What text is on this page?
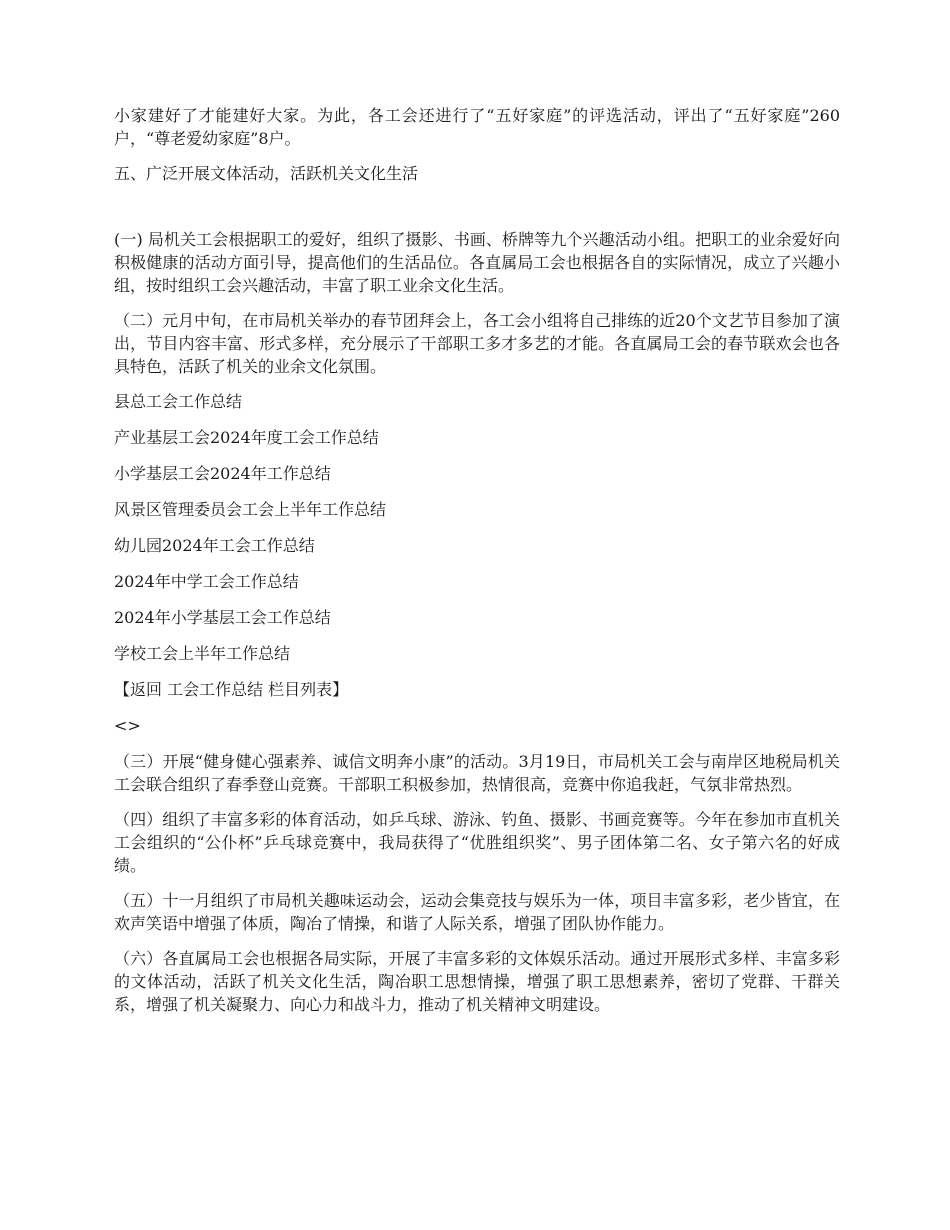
小家建好了才能建好大家。为此，各工会还进行了“五好家庭”的评选活动，评出了“五好家庭”260户，“尊老爱幼家庭”8户。

五、广泛开展文体活动，活跃机关文化生活

(一) 局机关工会根据职工的爱好，组织了摄影、书画、桥牌等九个兴趣活动小组。把职工的业余爱好向积极健康的活动方面引导，提高他们的生活品位。各直属局工会也根据各自的实际情况，成立了兴趣小组，按时组织工会兴趣活动，丰富了职工业余文化生活。

（二）元月中旬，在市局机关举办的春节团拜会上，各工会小组将自己排练的近20个文艺节目参加了演出，节目内容丰富、形式多样，充分展示了干部职工多才多艺的才能。各直属局工会的春节联欢会也各具特色，活跃了机关的业余文化氛围。

县总工会工作总结

产业基层工会2024年度工会工作总结

小学基层工会2024年工作总结

风景区管理委员会工会上半年工作总结

幼儿园2024年工会工作总结

2024年中学工会工作总结

2024年小学基层工会工作总结

学校工会上半年工作总结

【返回 工会工作总结 栏目列表】

<>

（三）开展“健身健心强素养、诚信文明奔小康”的活动。3月19日，市局机关工会与南岸区地税局机关工会联合组织了春季登山竞赛。干部职工积极参加，热情很高，竞赛中你追我赶，气氛非常热烈。

（四）组织了丰富多彩的体育活动，如乒乓球、游泳、钓鱼、摄影、书画竞赛等。今年在参加市直机关工会组织的“公仆杯”乒乓球竞赛中，我局获得了“优胜组织奖”、男子团体第二名、女子第六名的好成绩。

（五）十一月组织了市局机关趣味运动会，运动会集竞技与娱乐为一体，项目丰富多彩，老少皆宜，在欢声笑语中增强了体质，陶冶了情操，和谐了人际关系，增强了团队协作能力。

（六）各直属局工会也根据各局实际，开展了丰富多彩的文体娱乐活动。通过开展形式多样、丰富多彩的文体活动，活跃了机关文化生活，陶冶职工思想情操，增强了职工思想素养，密切了党群、干群关系，增强了机关凝聚力、向心力和战斗力，推动了机关精神文明建设。
